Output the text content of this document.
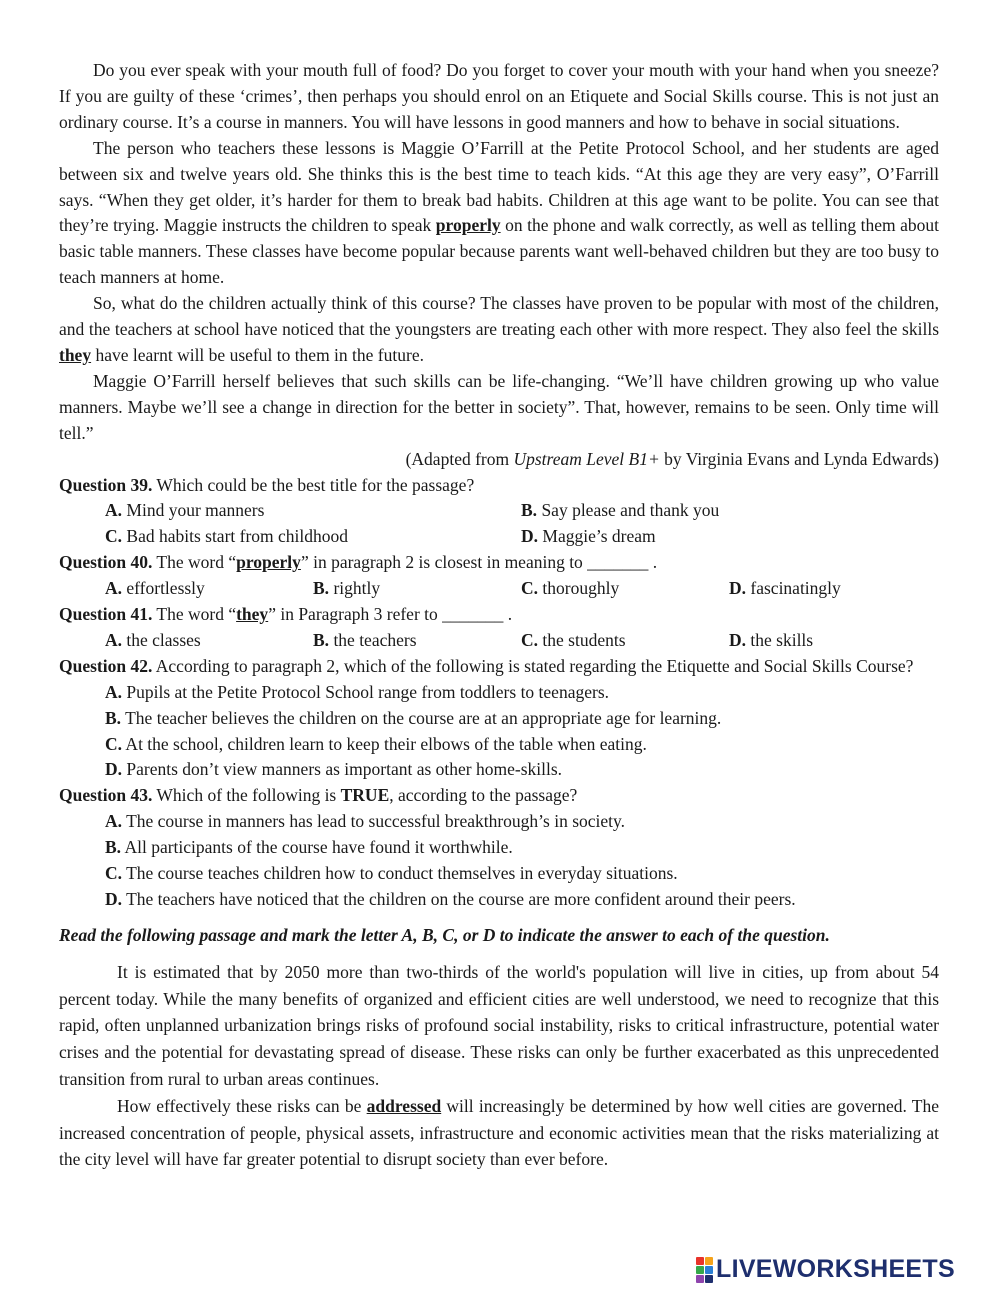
Do you ever speak with your mouth full of food? Do you forget to cover your mouth with your hand when you sneeze? If you are guilty of these ‘crimes’, then perhaps you should enrol on an Etiquete and Social Skills course. This is not just an ordinary course. It’s a course in manners. You will have lessons in good manners and how to behave in social situations.

The person who teachers these lessons is Maggie O’Farrill at the Petite Protocol School, and her students are aged between six and twelve years old. She thinks this is the best time to teach kids. “At this age they are very easy”, O’Farrill says. “When they get older, it’s harder for them to break bad habits. Children at this age want to be polite. You can see that they’re trying. Maggie instructs the children to speak properly on the phone and walk correctly, as well as telling them about basic table manners. These classes have become popular because parents want well-behaved children but they are too busy to teach manners at home.

So, what do the children actually think of this course? The classes have proven to be popular with most of the children, and the teachers at school have noticed that the youngsters are treating each other with more respect. They also feel the skills they have learnt will be useful to them in the future.

Maggie O’Farrill herself believes that such skills can be life-changing. “We’ll have children growing up who value manners. Maybe we’ll see a change in direction for the better in society”. That, however, remains to be seen. Only time will tell.”

(Adapted from Upstream Level B1+ by Virginia Evans and Lynda Edwards)

Question 39. Which could be the best title for the passage?

A. Mind your manners	B. Say please and thank you
C. Bad habits start from childhood	D. Maggie’s dream

Question 40. The word “properly” in paragraph 2 is closest in meaning to _______ .

A. effortlessly	B. rightly	C. thoroughly	D. fascinatingly

Question 41. The word “they” in Paragraph 3 refer to _______ .

A. the classes	B. the teachers	C. the students	D. the skills

Question 42. According to paragraph 2, which of the following is stated regarding the Etiquette and Social Skills Course?

A. Pupils at the Petite Protocol School range from toddlers to teenagers.

B. The teacher believes the children on the course are at an appropriate age for learning.

C. At the school, children learn to keep their elbows of the table when eating.

D. Parents don’t view manners as important as other home-skills.

Question 43. Which of the following is TRUE, according to the passage?

A. The course in manners has lead to successful breakthrough’s in society.

B. All participants of the course have found it worthwhile.

C. The course teaches children how to conduct themselves in everyday situations.

D. The teachers have noticed that the children on the course are more confident around their peers.

Read the following passage and mark the letter A, B, C, or D to indicate the answer to each of the question.

It is estimated that by 2050 more than two-thirds of the world's population will live in cities, up from about 54 percent today. While the many benefits of organized and efficient cities are well understood, we need to recognize that this rapid, often unplanned urbanization brings risks of profound social instability, risks to critical infrastructure, potential water crises and the potential for devastating spread of disease. These risks can only be further exacerbated as this unprecedented transition from rural to urban areas continues.

How effectively these risks can be addressed will increasingly be determined by how well cities are governed. The increased concentration of people, physical assets, infrastructure and economic activities mean that the risks materializing at the city level will have far greater potential to disrupt society than ever before.

LIVEWORKSHEETS
